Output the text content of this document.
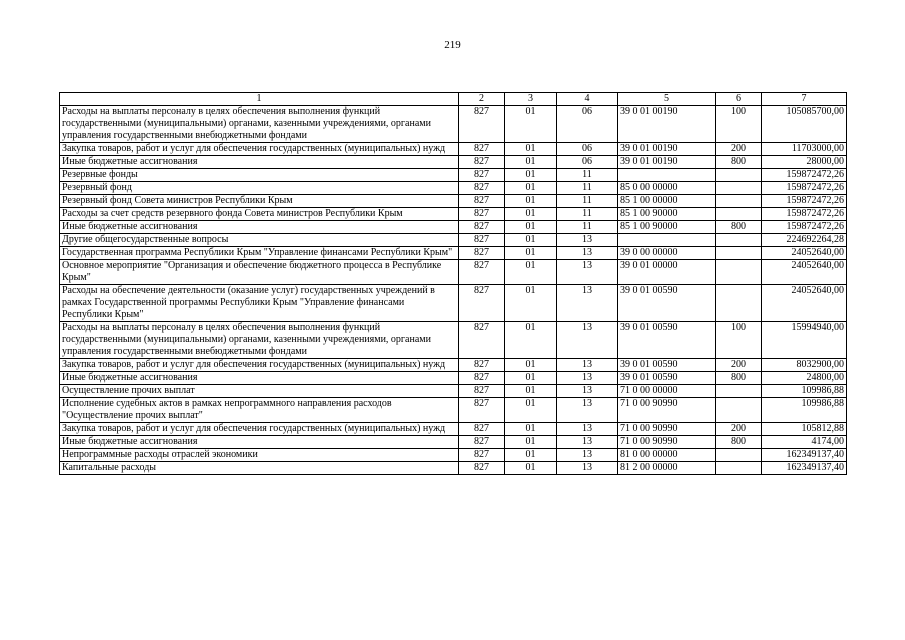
219
1	2	3	4	5	6	7
Расходы на выплаты персоналу в целях обеспечения выполнения функций государственными (муниципальными) органами, казенными учреждениями, органами управления государственными внебюджетными фондами	827	01	06	39 0 01 00190	100	105085700,00
Закупка товаров, работ и услуг для обеспечения государственных (муниципальных) нужд	827	01	06	39 0 01 00190	200	11703000,00
Иные бюджетные ассигнования	827	01	06	39 0 01 00190	800	28000,00
Резервные фонды	827	01	11			159872472,26
Резервный фонд	827	01	11	85 0 00 00000		159872472,26
Резервный фонд Совета министров Республики Крым	827	01	11	85 1 00 00000		159872472,26
Расходы за счет средств резервного фонда Совета министров Республики Крым	827	01	11	85 1 00 90000		159872472,26
Иные бюджетные ассигнования	827	01	11	85 1 00 90000	800	159872472,26
Другие общегосударственные вопросы	827	01	13			224692264,28
Государственная программа Республики Крым "Управление финансами Республики Крым"	827	01	13	39 0 00 00000		24052640,00
Основное мероприятие "Организация и обеспечение бюджетного процесса в Республике Крым"	827	01	13	39 0 01 00000		24052640,00
Расходы на обеспечение деятельности (оказание услуг) государственных учреждений в рамках Государственной программы Республики Крым "Управление финансами Республики Крым"	827	01	13	39 0 01 00590		24052640,00
Расходы на выплаты персоналу в целях обеспечения выполнения функций государственными (муниципальными) органами, казенными учреждениями, органами управления государственными внебюджетными фондами	827	01	13	39 0 01 00590	100	15994940,00
Закупка товаров, работ и услуг для обеспечения государственных (муниципальных) нужд	827	01	13	39 0 01 00590	200	8032900,00
Иные бюджетные ассигнования	827	01	13	39 0 01 00590	800	24800,00
Осуществление прочих выплат	827	01	13	71 0 00 00000		109986,88
Исполнение судебных актов в рамках непрограммного направления расходов "Осуществление прочих выплат"	827	01	13	71 0 00 90990		109986,88
Закупка товаров, работ и услуг для обеспечения государственных (муниципальных) нужд	827	01	13	71 0 00 90990	200	105812,88
Иные бюджетные ассигнования	827	01	13	71 0 00 90990	800	4174,00
Непрограммные расходы отраслей экономики	827	01	13	81 0 00 00000		162349137,40
Капитальные расходы	827	01	13	81 2 00 00000		162349137,40
